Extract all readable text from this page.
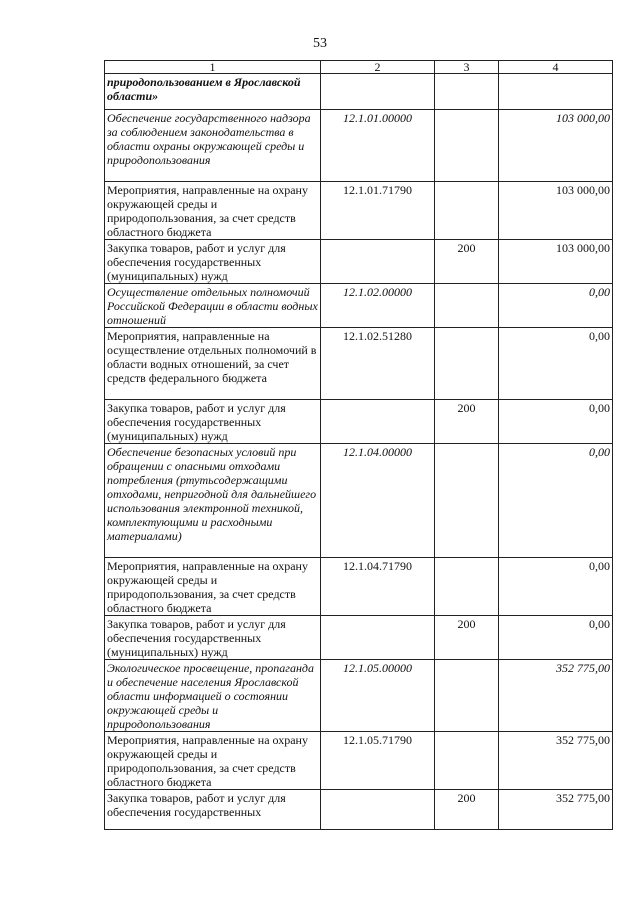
53
1	2	3	4
природопользованием в Ярославской области»			
Обеспечение государственного надзора за соблюдением законодательства в области охраны окружающей среды и природопользования	12.1.01.00000		103 000,00
Мероприятия, направленные на охрану окружающей среды и природопользования, за счет средств областного бюджета	12.1.01.71790		103 000,00
Закупка товаров, работ и услуг для обеспечения государственных (муниципальных) нужд		200	103 000,00
Осуществление отдельных полномочий Российской Федерации в области водных отношений	12.1.02.00000		0,00
Мероприятия, направленные на осуществление отдельных полномочий в области водных отношений, за счет средств федерального бюджета	12.1.02.51280		0,00
Закупка товаров, работ и услуг для обеспечения государственных (муниципальных) нужд		200	0,00
Обеспечение безопасных условий при обращении с опасными отходами потребления (ртутьсодержащими отходами, непригодной для дальнейшего использования электронной техникой, комплектующими и расходными материалами)	12.1.04.00000		0,00
Мероприятия, направленные на охрану окружающей среды и природопользования, за счет средств областного бюджета	12.1.04.71790		0,00
Закупка товаров, работ и услуг для обеспечения государственных (муниципальных) нужд		200	0,00
Экологическое просвещение, пропаганда и обеспечение населения Ярославской области информацией о состоянии окружающей среды и природопользования	12.1.05.00000		352 775,00
Мероприятия, направленные на охрану окружающей среды и природопользования, за счет средств областного бюджета	12.1.05.71790		352 775,00
Закупка товаров, работ и услуг для обеспечения государственных		200	352 775,00
